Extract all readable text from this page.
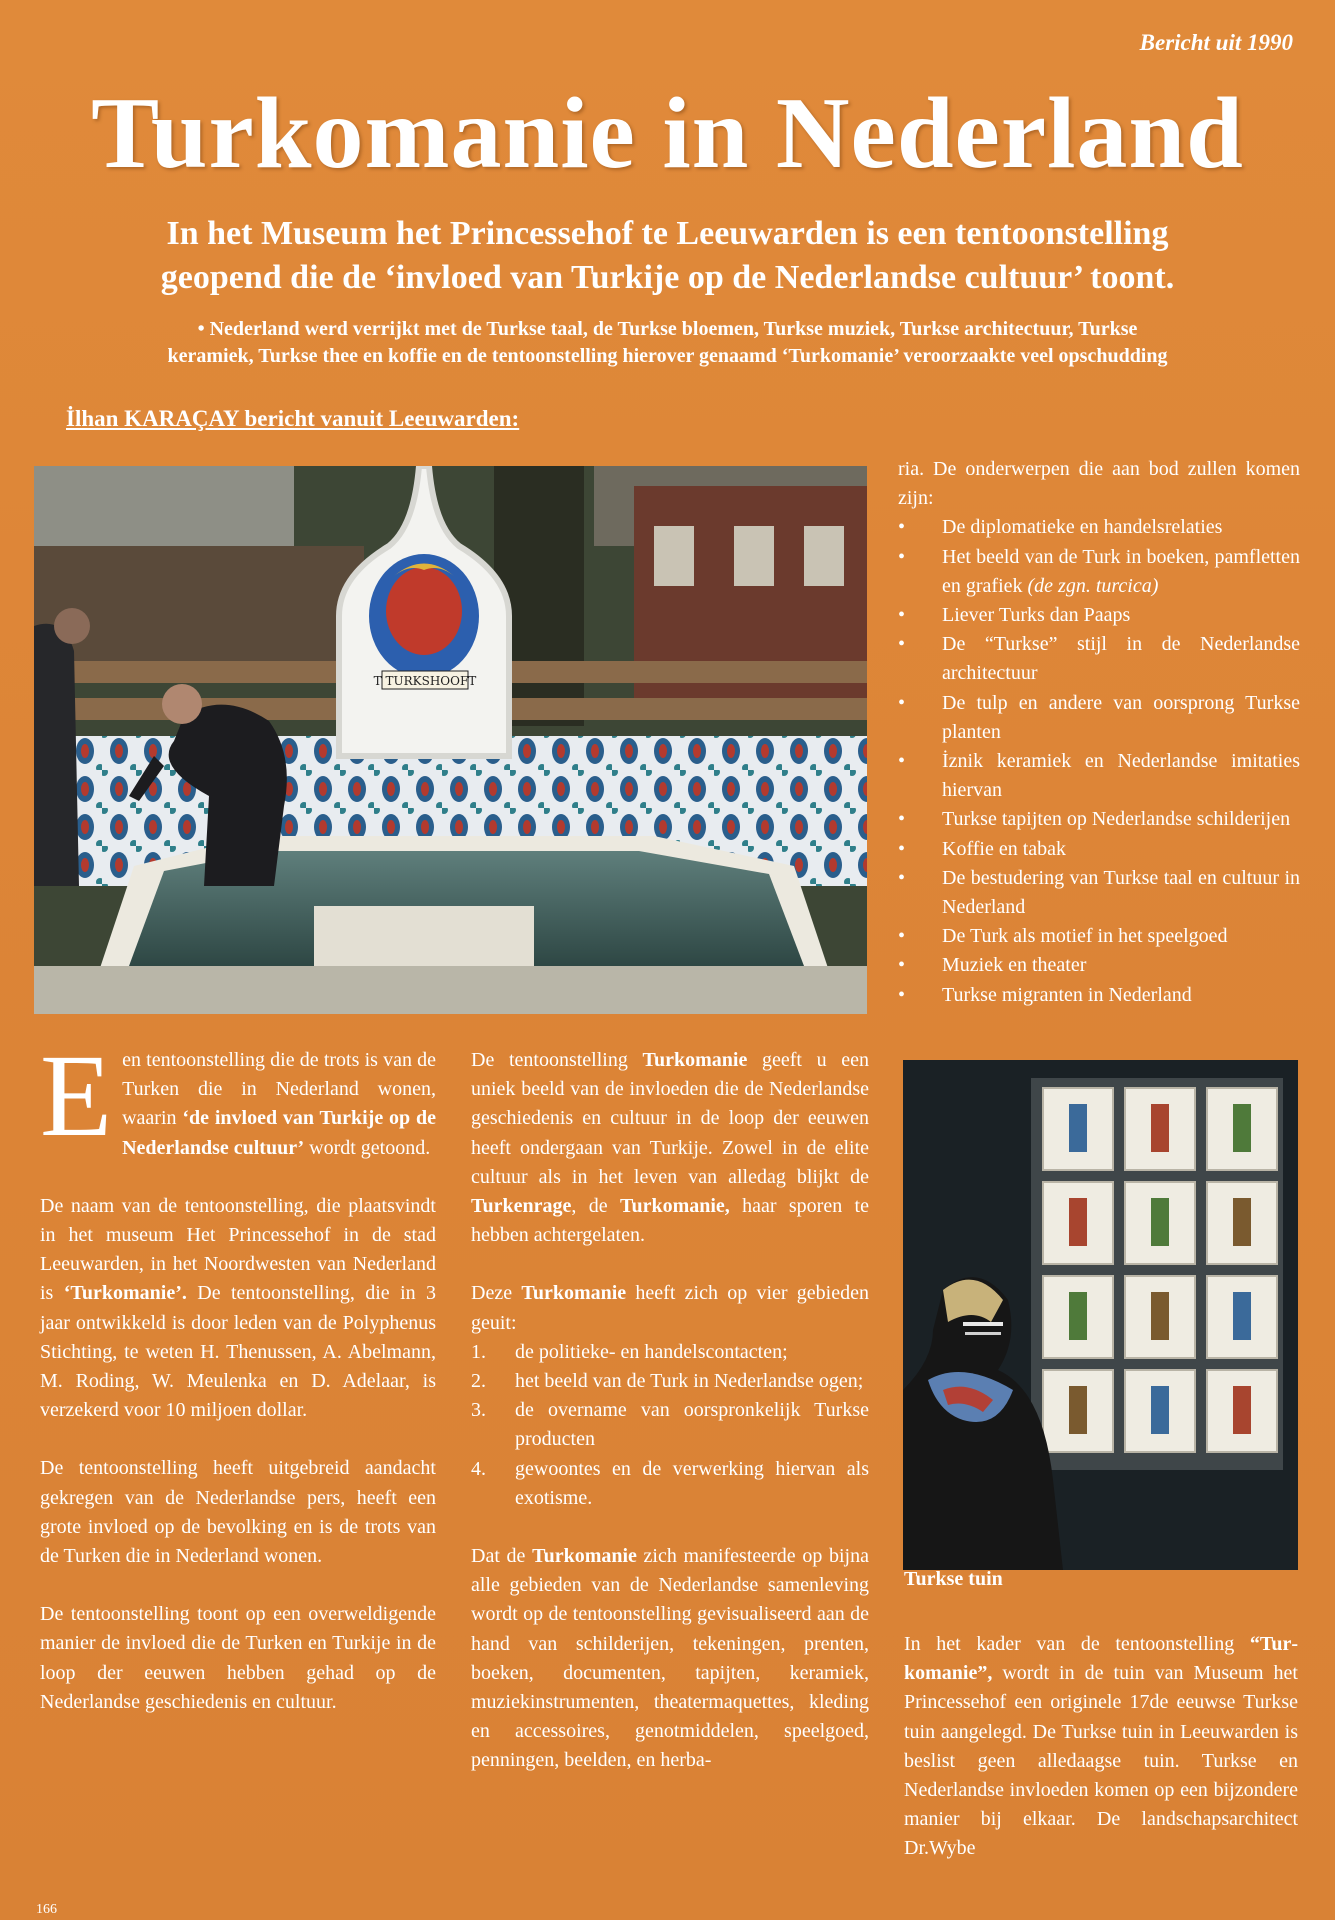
Bericht uit 1990
Turkomanie in Nederland
In het Museum het Princessehof te Leeuwarden is een tentoonstelling
geopend die de ‘invloed van Turkije op de Nederlandse cultuur’ toont.
• Nederland werd verrijkt met de Turkse taal, de Turkse bloemen, Turkse muziek, Turkse architectuur, Turkse
keramiek, Turkse thee en koffie en de tentoonstelling hierover genaamd ‘Turkomanie’ veroorzaakte veel opschudding
İlhan KARAÇAY bericht vanuit Leeuwarden:
T TURKSHOOFT

ria. De onderwerpen die aan bod zullen komen zijn:

• De diplomatieke en handelsrelaties
• Het beeld van de Turk in boeken, pamfletten en grafiek (de zgn. turcica)
• Liever Turks dan Paaps
• De “Turkse” stijl in de Nederlandse architectuur
• De tulp en andere van oorsprong Turkse planten
• İznik keramiek en Nederlandse imitaties hiervan
• Turkse tapijten op Nederlandse schilderijen
• Koffie en tabak
• De bestudering van Turkse taal en cultuur in Nederland
• De Turk als motief in het speelgoed
• Muziek en theater
• Turkse migranten in Nederland

Een tentoonstelling die de trots is van de Turken die in Nederland wonen, waarin ‘de invloed van Turkije op de Nederlandse cultuur’ wordt getoond.

De naam van de tentoonstelling, die plaatsvindt in het museum Het Princessehof in de stad Leeuwarden, in het Noordwesten van Nederland is ‘Turkomanie’. De tentoonstelling, die in 3 jaar ontwikkeld is door leden van de Polyphenus Stichting, te weten H. Thenussen, A. Abelmann, M. Roding, W. Meulenka en D. Adelaar, is verzekerd voor 10 miljoen dollar.

De tentoonstelling heeft uitgebreid aandacht gekregen van de Nederlandse pers, heeft een grote invloed op de bevolking en is de trots van de Turken die in Nederland wonen.

De tentoonstelling toont op een overweldigende manier de invloed die de Turken en Turkije in de loop der eeuwen hebben gehad op de Nederlandse geschiedenis en cultuur.

De tentoonstelling Turkomanie geeft u een uniek beeld van de invloeden die de Nederlandse geschiedenis en cultuur in de loop der eeuwen heeft ondergaan van Turkije. Zowel in de elite cultuur als in het leven van alledag blijkt de Turkenrage, de Turkomanie, haar sporen te hebben achtergelaten.

Deze Turkomanie heeft zich op vier gebieden geuit:

1. de politieke- en handelscontacten;
2. het beeld van de Turk in Nederlandse ogen;
3. de overname van oorspronkelijk Turkse producten
4. gewoontes en de verwerking hiervan als exotisme.

Dat de Turkomanie zich manifesteerde op bijna alle gebieden van de Nederlandse samenleving wordt op de tentoonstelling gevisualiseerd aan de hand van schilderijen, tekeningen, prenten, boeken, documenten, tapijten, keramiek, muziekinstrumenten, theatermaquettes, kleding en accessoires, genotmiddelen, speelgoed, penningen, beelden, en herba-

Turkse tuin

In het kader van de tentoonstelling “Turkomanie”, wordt in de tuin van Museum het Princessehof een originele 17de eeuwse Turkse tuin aangelegd. De Turkse tuin in Leeuwarden is beslist geen alledaagse tuin. Turkse en Nederlandse invloeden komen op een bijzondere manier bij elkaar. De landschapsarchitect Dr.Wybe

166
